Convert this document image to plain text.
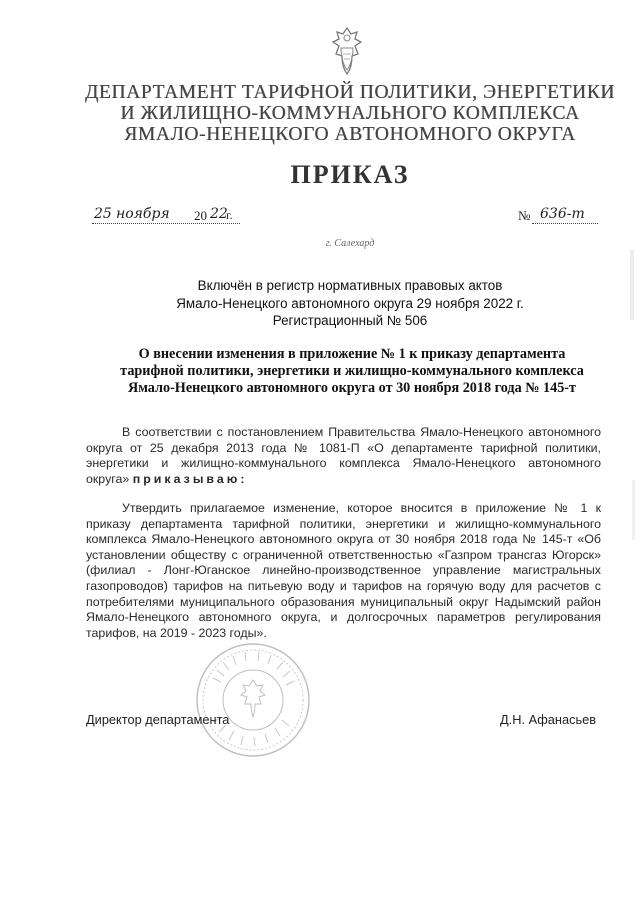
ДЕПАРТАМЕНТ ТАРИФНОЙ ПОЛИТИКИ, ЭНЕРГЕТИКИ
И ЖИЛИЩНО-КОММУНАЛЬНОГО КОМПЛЕКСА
ЯМАЛО-НЕНЕЦКОГО АВТОНОМНОГО ОКРУГА
ПРИКАЗ
25 ноября 20 22
г.	№ 636-т
г. Салехард
Включён в регистр нормативных правовых актов
Ямало-Ненецкого автономного округа 29 ноября 2022 г.
Регистрационный № 506
О внесении изменения в приложение № 1 к приказу департамента
тарифной политики, энергетики и жилищно-коммунального комплекса
Ямало-Ненецкого автономного округа от 30 ноября 2018 года № 145-т
В соответствии с постановлением Правительства Ямало-Ненецкого автономного округа от 25 декабря 2013 года № 1081-П «О департаменте тарифной политики, энергетики и жилищно-коммунального комплекса Ямало-Ненецкого автономного округа» приказываю:
Утвердить прилагаемое изменение, которое вносится в приложение № 1 к приказу департамента тарифной политики, энергетики и жилищно-коммунального комплекса Ямало-Ненецкого автономного округа от 30 ноября 2018 года № 145-т «Об установлении обществу с ограниченной ответственностью «Газпром трансгаз Югорск» (филиал - Лонг-Юганское линейно-производственное управление магистральных газопроводов) тарифов на питьевую воду и тарифов на горячую воду для расчетов с потребителями муниципального образования муниципальный округ Надымский район Ямало-Ненецкого автономного округа, и долгосрочных параметров регулирования тарифов, на 2019 - 2023 годы».
Директор департамента	Д.Н. Афанасьев
